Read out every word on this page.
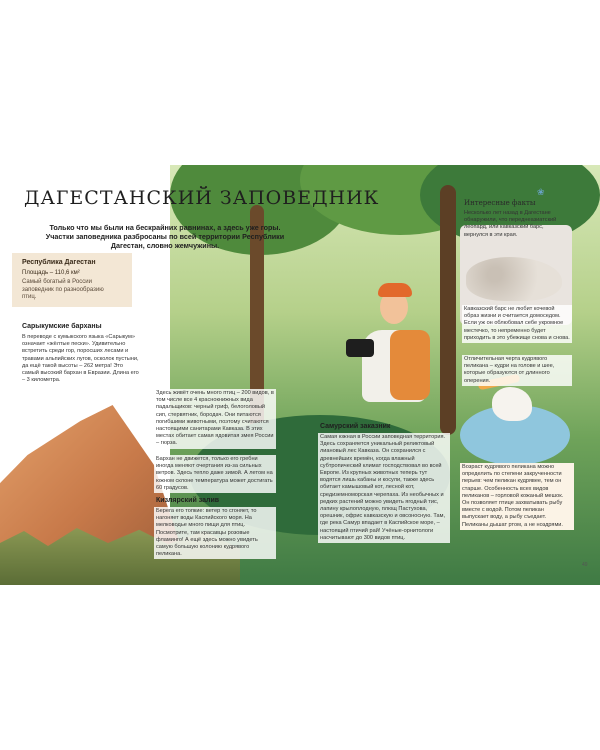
❀
ДАГЕСТАНСКИЙ ЗАПОВЕДНИК
Только что мы были на бескрайних равнинах, а здесь уже горы. Участки заповедника разбросаны по всей территории Республики Дагестан, словно жемчужины.
Республика Дагестан
Площадь – 110,6 км²
Самый богатый в России заповедник по разнообразию птиц.
Сарыкумские барханы
В переводе с кумыкского языка «Сарыкум» означает «жёлтые пески». Удивительно встретить среди гор, поросших лесами и травами альпийских лугов, осколок пустыни, да ещё такой высоты – 262 метра! Это самый высокий бархан в Евразии. Длина его – 3 километра.
Здесь живёт очень много птиц – 200 видов, в том числе все 4 краснокнижных вида падальщиков: черный гриф, белоголовый сип, стервятник, бородач. Они питаются погибшими животными, поэтому считаются настоящими санитарами Кавказа. В этих местах обитает самая ядовитая змея России – гюрза.
Бархан не движется, только его гребни иногда меняют очертания из-за сильных ветров. Здесь тепло даже зимой. А летом на южном склоне температура может достигать 60 градусов.
Кизлярский залив
Берега его топкие: ветер то сгоняет, то нагоняет воды Каспийского моря. На мелководье много пищи для птиц. Посмотрите, там красавцы розовые фламинго! А ещё здесь можно увидеть самую большую колонию кудрявого пеликана.
Самурский заказник
Самая южная в России заповедная территория. Здесь сохраняется уникальный реликтовый лиановый лес Кавказа. Он сохранился с древнейших времён, когда влажный субтропический климат господствовал во всей Европе. Из крупных животных теперь тут водятся лишь кабаны и косули, также здесь обитает камышовый кот, лесной кот, средиземноморская черепаха. Из необычных и редких растений можно увидеть ягодный тис, лапину крылоплодную, плющ Пастухова, орешник, офрис кавказскую и овсоносную. Там, где река Самур впадает в Каспийское море, – настоящий птичий рай! Учёные-орнитологи насчитывают до 300 видов птиц.
Интересные факты
Несколько лет назад в Дагестане обнаружили, что переднеазиатский леопард, или кавказский барс, вернулся в эти края.
Кавказский барс не любит кочевой образ жизни и считается домоседом. Если уж он облюбовал себе укромное местечко, то непременно будет приходить в это убежище снова и снова.
Отличительная черта кудрявого пеликана – кудри на голове и шее, которые образуются от длинного оперения.
Возраст кудрявого пеликана можно определить по степени закрученности перьев: чем пеликан кудрявее, тем он старше. Особенность всех видов пеликанов – горловой кожаный мешок. Он позволяет птице захватывать рыбу вместе с водой. Потом пеликан выпускает воду, а рыбу съедает. Пеликаны дышат ртом, а не ноздрями.
49
